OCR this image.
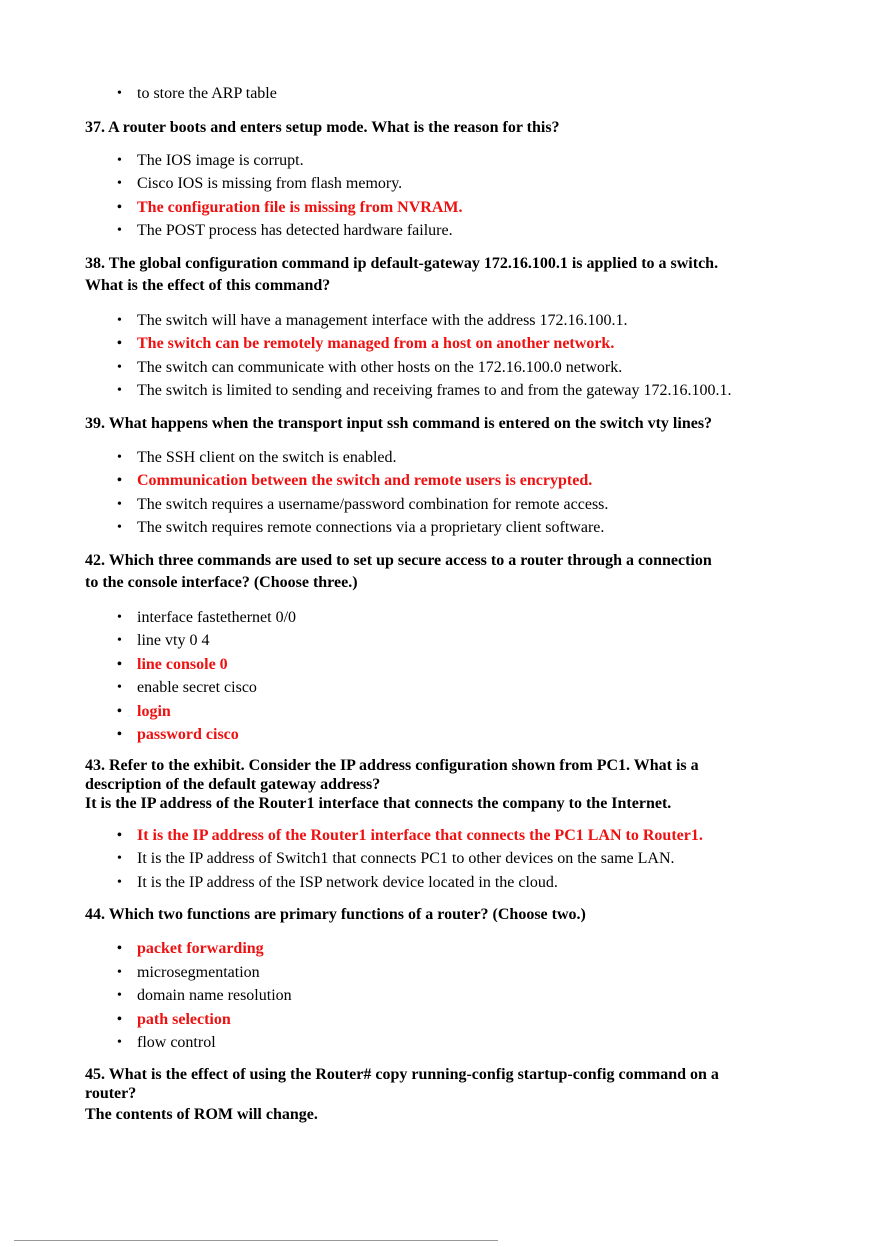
• to store the ARP table

37. A router boots and enters setup mode. What is the reason for this?

• The IOS image is corrupt.
• Cisco IOS is missing from flash memory.
• The configuration file is missing from NVRAM.
• The POST process has detected hardware failure.
38. The global configuration command ip default-gateway 172.16.100.1 is applied to a switch.
What is the effect of this command?
• The switch will have a management interface with the address 172.16.100.1.
• The switch can be remotely managed from a host on another network.
• The switch can communicate with other hosts on the 172.16.100.0 network.
• The switch is limited to sending and receiving frames to and from the gateway 172.16.100.1.

39. What happens when the transport input ssh command is entered on the switch vty lines?

• The SSH client on the switch is enabled.
• Communication between the switch and remote users is encrypted.
• The switch requires a username/password combination for remote access.
• The switch requires remote connections via a proprietary client software.
42. Which three commands are used to set up secure access to a router through a connection
to the console interface? (Choose three.)
• interface fastethernet 0/0
• line vty 0 4
• line console 0
• enable secret cisco
• login
• password cisco
43. Refer to the exhibit. Consider the IP address configuration shown from PC1. What is a
description of the default gateway address?
It is the IP address of the Router1 interface that connects the company to the Internet.
• It is the IP address of the Router1 interface that connects the PC1 LAN to Router1.
• It is the IP address of Switch1 that connects PC1 to other devices on the same LAN.
• It is the IP address of the ISP network device located in the cloud.

44. Which two functions are primary functions of a router? (Choose two.)

• packet forwarding
• microsegmentation
• domain name resolution
• path selection
• flow control
45. What is the effect of using the Router# copy running-config startup-config command on a
router?
The contents of ROM will change.
